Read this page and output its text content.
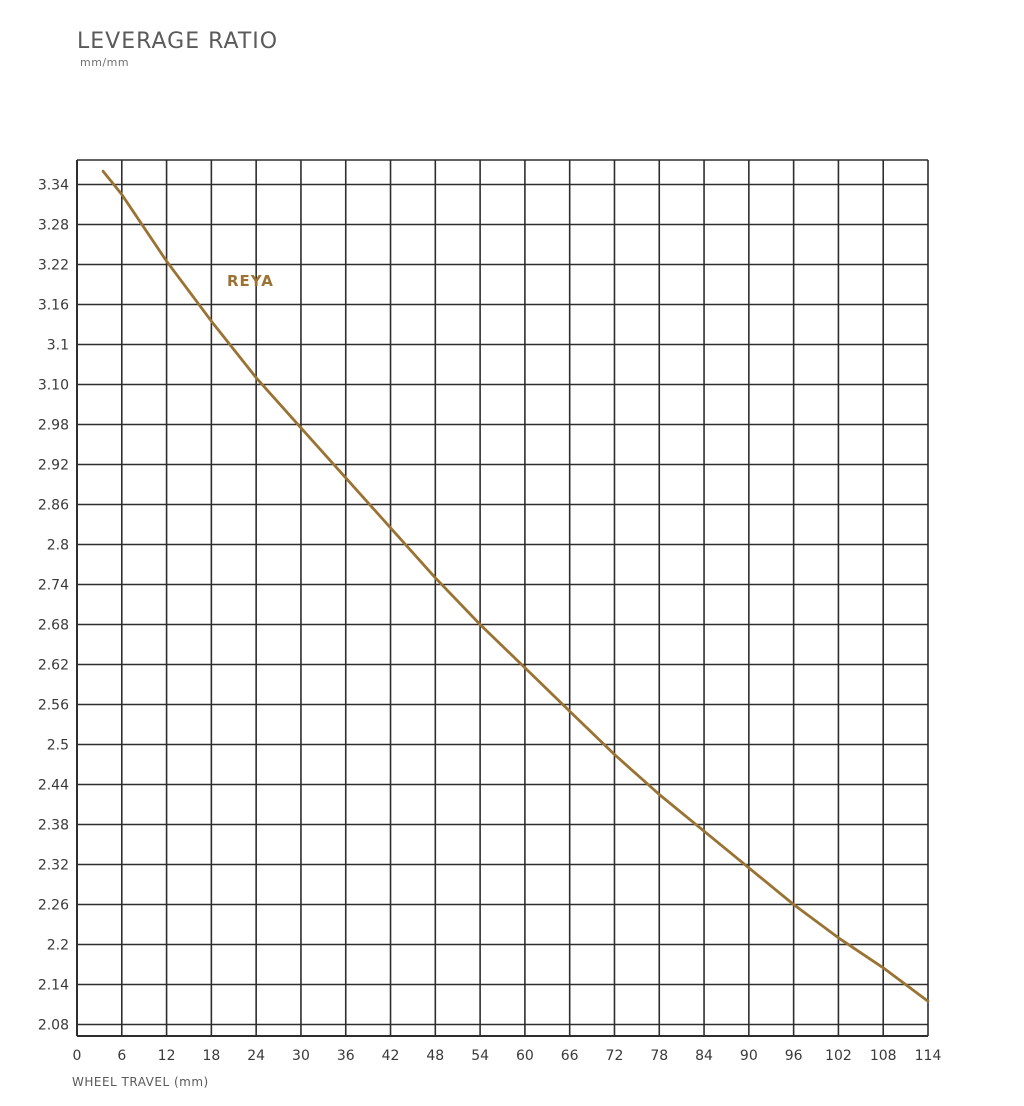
LEVERAGE RATIO
mm/mm
2.08
2.14
2.2
2.26
2.32
2.38
2.44
2.5
2.56
2.62
2.68
2.74
2.8
2.86
2.92
2.98
3.10
3.1
3.16
3.22
3.28
3.34
0	6 12 18 24 30 36 42 48 54 60 66 72 78 84 90 96 102 108 114
WHEEL TRAVEL (mm)
REYA
